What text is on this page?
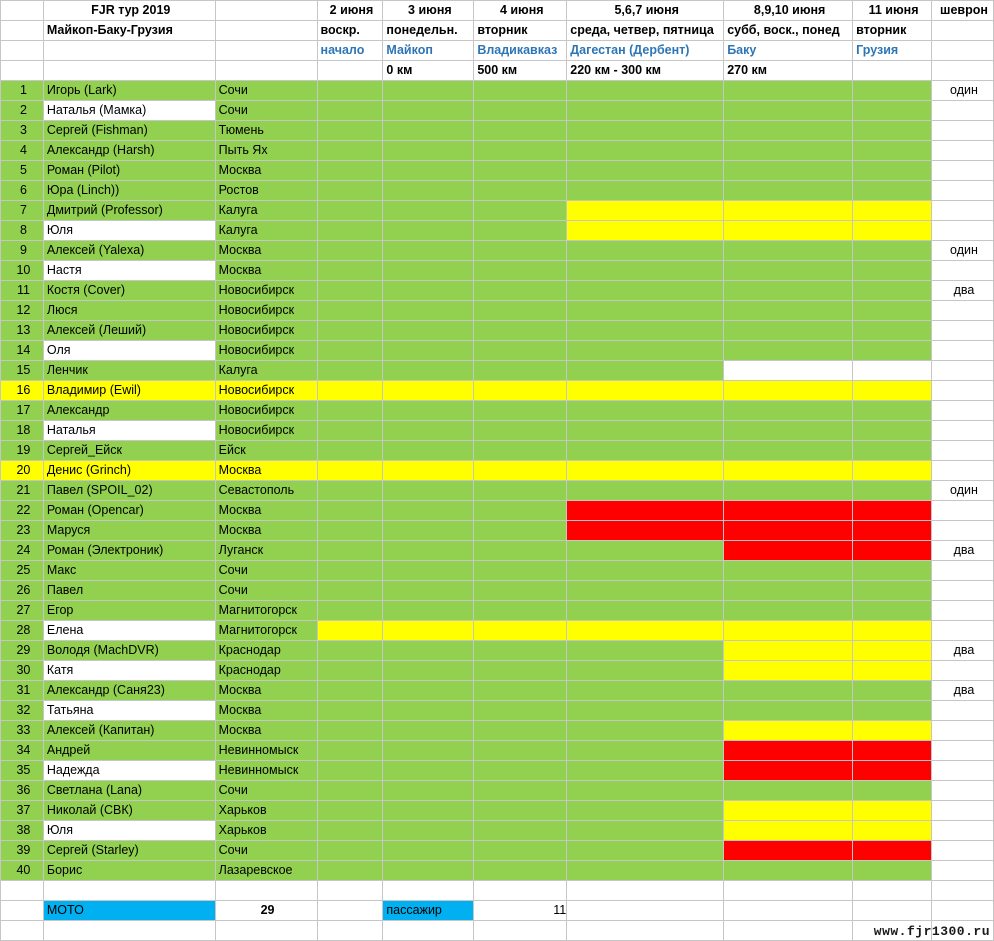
	FJR тур 2019		2 июня	3 июня	4 июня	5,6,7 июня	8,9,10 июня	11 июня	шеврон
	Майкоп-Баку-Грузия		воскр.	понедельн.	вторник	среда, четвер, пятница	субб, воск., понед	вторник	
			начало	Майкоп	Владикавказ	Дагестан (Дербент)	Баку	Грузия	
				0 км	500 км	220 км - 300 км	270 км		
1	Игорь (Lark)	Сочи							один
2	Наталья (Мамка)	Сочи							
3	Сергей (Fishman)	Тюмень							
4	Александр (Harsh)	Пыть Ях							
5	Роман (Pilot)	Москва							
6	Юра (Linch))	Ростов							
7	Дмитрий (Professor)	Калуга							
8	Юля	Калуга							
9	Алексей (Yalexa)	Москва							один
10	Настя	Москва							
11	Костя (Cover)	Новосибирск							два
12	Люся	Новосибирск							
13	Алексей (Леший)	Новосибирск							
14	Оля	Новосибирск							
15	Ленчик	Калуга							
16	Владимир (Ewil)	Новосибирск							
17	Александр	Новосибирск							
18	Наталья	Новосибирск							
19	Сергей_Ейск	Ейск							
20	Денис (Grinch)	Москва							
21	Павел (SPOIL_02)	Севастополь							один
22	Роман (Opencar)	Москва							
23	Маруся	Москва							
24	Роман (Электроник)	Луганск							два
25	Макс	Сочи							
26	Павел	Сочи							
27	Егор	Магнитогорск							
28	Елена	Магнитогорск							
29	Володя (MachDVR)	Краснодар							два
30	Катя	Краснодар							
31	Александр (Саня23)	Москва							два
32	Татьяна	Москва							
33	Алексей (Капитан)	Москва							
34	Андрей	Невинномыск							
35	Надежда	Невинномыск							
36	Светлана (Lana)	Сочи							
37	Николай (СВК)	Харьков							
38	Юля	Харьков							
39	Сергей (Starley)	Сочи							
40	Борис	Лазаревское							

	МОТО	29		пассажир	11				

www.fjr1300.ru
